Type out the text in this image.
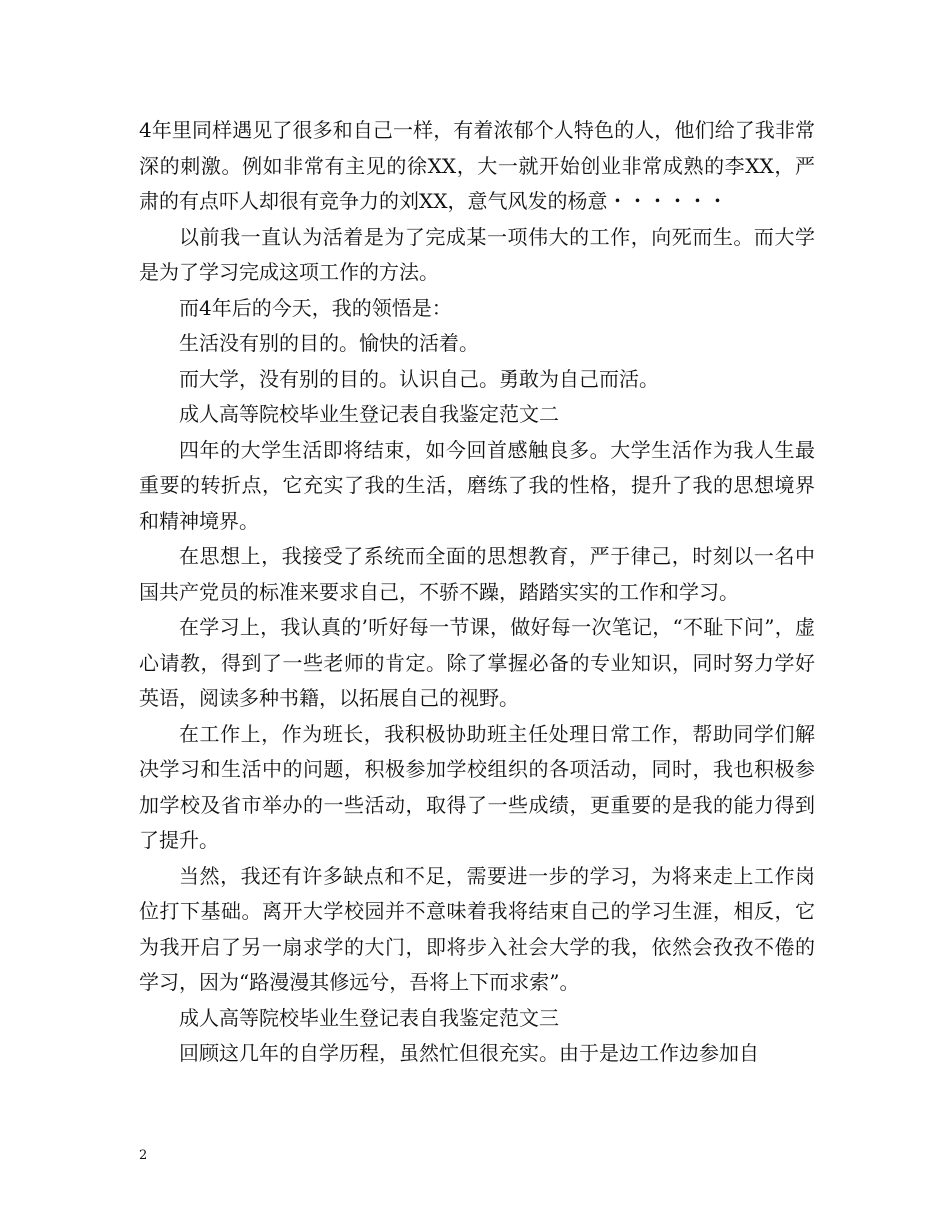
4年里同样遇见了很多和自己一样，有着浓郁个人特色的人，他们给了我非常深的刺激。例如非常有主见的徐XX，大一就开始创业非常成熟的李XX，严肃的有点吓人却很有竞争力的刘XX，意气风发的杨意・・・・・・

以前我一直认为活着是为了完成某一项伟大的工作，向死而生。而大学是为了学习完成这项工作的方法。

而4年后的今天，我的领悟是：

生活没有别的目的。愉快的活着。

而大学，没有别的目的。认识自己。勇敢为自己而活。

成人高等院校毕业生登记表自我鉴定范文二

四年的大学生活即将结束，如今回首感触良多。大学生活作为我人生最重要的转折点，它充实了我的生活，磨练了我的性格，提升了我的思想境界和精神境界。

在思想上，我接受了系统而全面的思想教育，严于律己，时刻以一名中国共产党员的标准来要求自己，不骄不躁，踏踏实实的工作和学习。

在学习上，我认真的’听好每一节课，做好每一次笔记，“不耻下问”，虚心请教，得到了一些老师的肯定。除了掌握必备的专业知识，同时努力学好英语，阅读多种书籍，以拓展自己的视野。

在工作上，作为班长，我积极协助班主任处理日常工作，帮助同学们解决学习和生活中的问题，积极参加学校组织的各项活动，同时，我也积极参加学校及省市举办的一些活动，取得了一些成绩，更重要的是我的能力得到了提升。

当然，我还有许多缺点和不足，需要进一步的学习，为将来走上工作岗位打下基础。离开大学校园并不意味着我将结束自己的学习生涯，相反，它为我开启了另一扇求学的大门，即将步入社会大学的我，依然会孜孜不倦的学习，因为“路漫漫其修远兮，吾将上下而求索”。

成人高等院校毕业生登记表自我鉴定范文三

回顾这几年的自学历程，虽然忙但很充实。由于是边工作边参加自

2
